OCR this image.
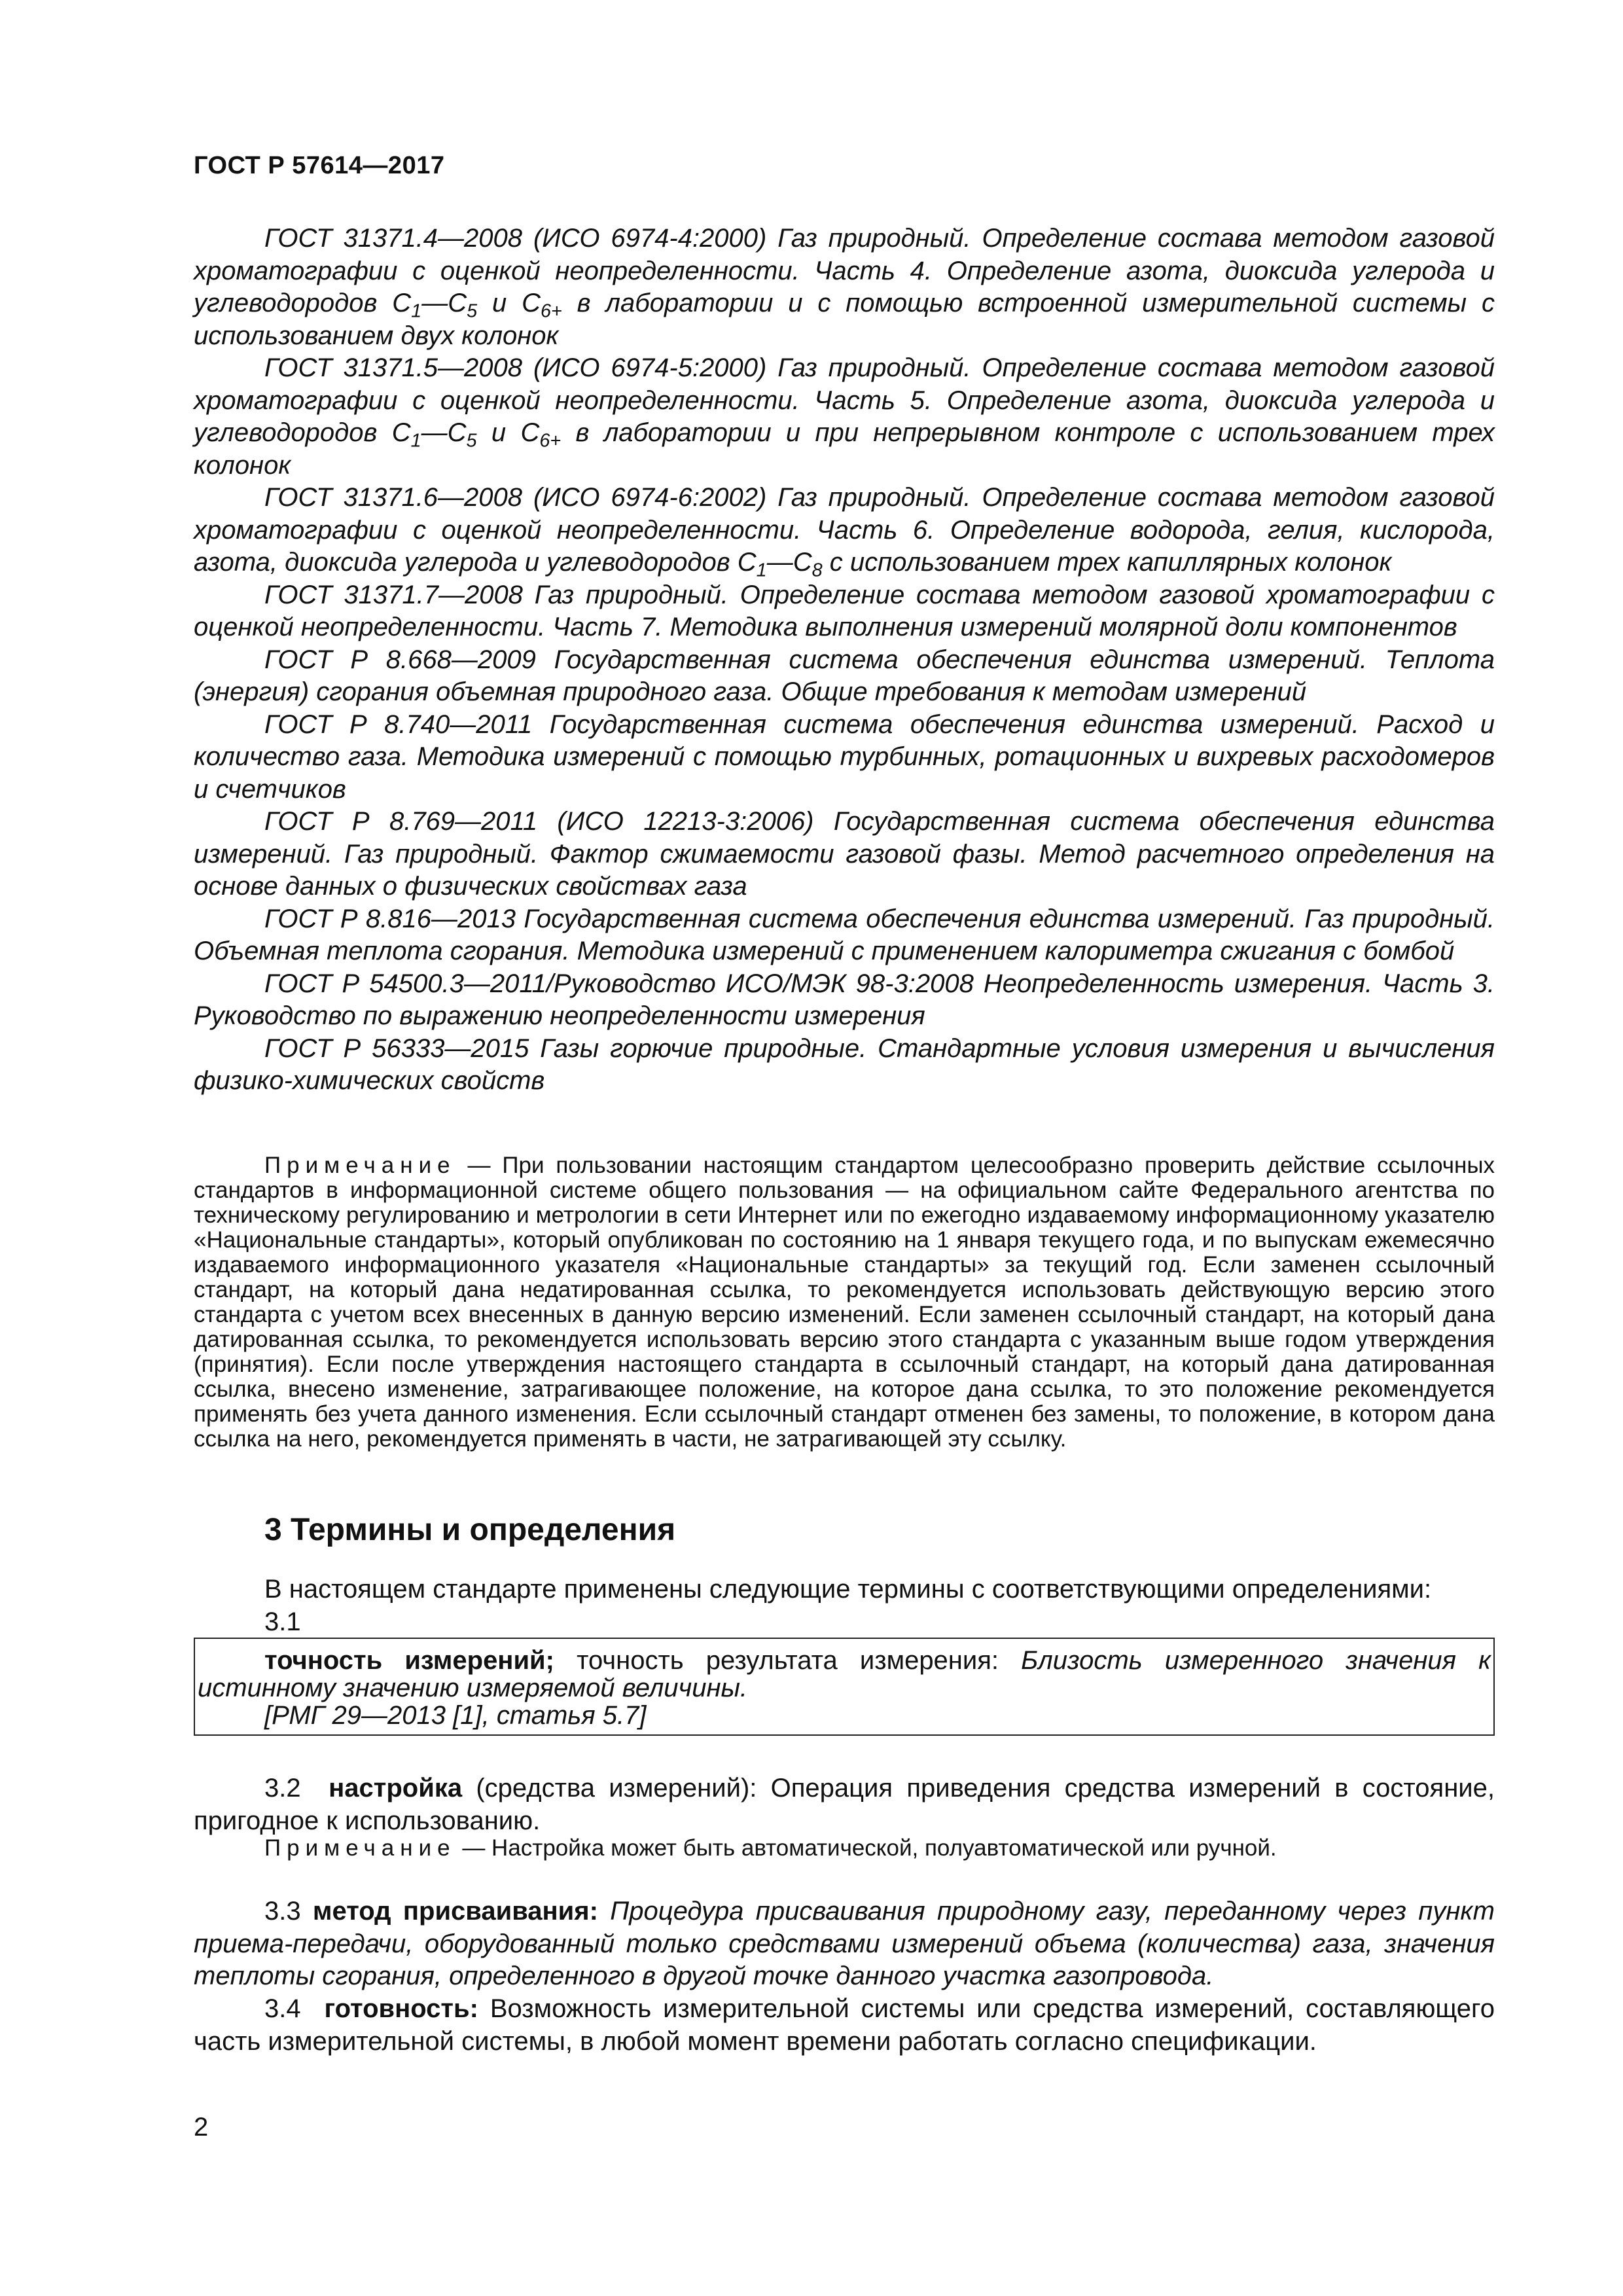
ГОСТ Р 57614—2017

ГОСТ 31371.4—2008 (ИСО 6974-4:2000) Газ природный. Определение состава методом газовой хроматографии с оценкой неопределенности. Часть 4. Определение азота, диоксида углерода и углеводородов $С_1—С_5$ и $С_{6+}$ в лаборатории и с помощью встроенной измерительной системы с использованием двух колонок

ГОСТ 31371.5—2008 (ИСО 6974-5:2000) Газ природный. Определение состава методом газовой хроматографии с оценкой неопределенности. Часть 5. Определение азота, диоксида углерода и углеводородов $С_1—С_5$ и $С_{6+}$ в лаборатории и при непрерывном контроле с использованием трех колонок

ГОСТ 31371.6—2008 (ИСО 6974-6:2002) Газ природный. Определение состава методом газовой хроматографии с оценкой неопределенности. Часть 6. Определение водорода, гелия, кислорода, азота, диоксида углерода и углеводородов $С_1—С_8$ с использованием трех капиллярных колонок

ГОСТ 31371.7—2008 Газ природный. Определение состава методом газовой хроматографии с оценкой неопределенности. Часть 7. Методика выполнения измерений молярной доли компонентов

ГОСТ Р 8.668—2009 Государственная система обеспечения единства измерений. Теплота (энергия) сгорания объемная природного газа. Общие требования к методам измерений

ГОСТ Р 8.740—2011 Государственная система обеспечения единства измерений. Расход и количество газа. Методика измерений с помощью турбинных, ротационных и вихревых расходомеров и счетчиков

ГОСТ Р 8.769—2011 (ИСО 12213-3:2006) Государственная система обеспечения единства измерений. Газ природный. Фактор сжимаемости газовой фазы. Метод расчетного определения на основе данных о физических свойствах газа

ГОСТ Р 8.816—2013 Государственная система обеспечения единства измерений. Газ природный. Объемная теплота сгорания. Методика измерений с применением калориметра сжигания с бомбой

ГОСТ Р 54500.3—2011/Руководство ИСО/МЭК 98-3:2008 Неопределенность измерения. Часть 3. Руководство по выражению неопределенности измерения

ГОСТ Р 56333—2015 Газы горючие природные. Стандартные условия измерения и вычисления физико-химических свойств

Примечание — При пользовании настоящим стандартом целесообразно проверить действие ссылочных стандартов в информационной системе общего пользования — на официальном сайте Федерального агентства по техническому регулированию и метрологии в сети Интернет или по ежегодно издаваемому информационному указателю «Национальные стандарты», который опубликован по состоянию на 1 января текущего года, и по выпускам ежемесячно издаваемого информационного указателя «Национальные стандарты» за текущий год. Если заменен ссылочный стандарт, на который дана недатированная ссылка, то рекомендуется использовать действующую версию этого стандарта с учетом всех внесенных в данную версию изменений. Если заменен ссылочный стандарт, на который дана датированная ссылка, то рекомендуется использовать версию этого стандарта с указанным выше годом утверждения (принятия). Если после утверждения настоящего стандарта в ссылочный стандарт, на который дана датированная ссылка, внесено изменение, затрагивающее положение, на которое дана ссылка, то это положение рекомендуется применять без учета данного изменения. Если ссылочный стандарт отменен без замены, то положение, в котором дана ссылка на него, рекомендуется применять в части, не затрагивающей эту ссылку.

3 Термины и определения

В настоящем стандарте применены следующие термины с соответствующими определениями:

3.1

точность измерений; точность результата измерения: Близость измеренного значения к истинному значению измеряемой величины.

[РМГ 29—2013 [1], статья 5.7]

3.2 настройка (средства измерений): Операция приведения средства измерений в состояние, пригодное к использованию.

Примечание — Настройка может быть автоматической, полуавтоматической или ручной.

3.3 метод присваивания: Процедура присваивания природному газу, переданному через пункт приема-передачи, оборудованный только средствами измерений объема (количества) газа, значения теплоты сгорания, определенного в другой точке данного участка газопровода.

3.4 готовность: Возможность измерительной системы или средства измерений, составляющего часть измерительной системы, в любой момент времени работать согласно спецификации.

2
